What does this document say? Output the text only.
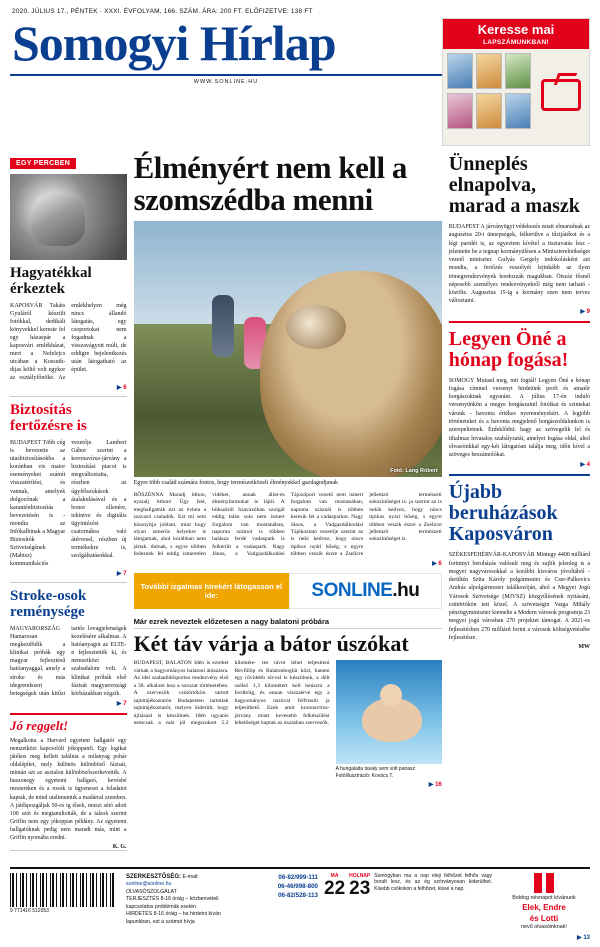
2020. JÚLIUS 17., PÉNTEK · XXXI. ÉVFOLYAM, 166. SZÁM. ÁRA: 200 FT. ELŐFIZETVE: 138 FT
Somogyi Hírlap
WWW.SONLINE.HU
Keresse mai
LAPSZÁMUNKBAN!
EGY PERCBEN
Hagyatékkal érkeztek
KAPOSVÁR Takáts Gyuláról készült fotókkal, dedikált könyvekkel kereste fel egy házaspár a kaposvári emlékházat, mert a Nefelejcs utcában a Kossuth-díjas költő volt egykor az osztályfőnöke. Az emlékhelyen még nincs állandó látogatás, egy csoportokat nem fogadnak a visszavágyott múlt, de eddigre bejelentkezés után látogatható az épület.
▶ 6
Biztosítás fertőzésre is
BUDAPEST Több cég is bevezette az utasbiztosításokba a koránban vis maior eseményeket számít visszatérítést, és vannak, amelyek dolgozónak a karanténbiztosítás bevezetésén is - mondta az Infókalbinak a Magyar Biztosítók Szövetségének (Mabisz) kommunikációs vezetője. Lambert Gábor szerint a koronavírus-járvány a biztosítási piacot is megváltoztatta, részben az úgyfélszokások átalakulásával és a bonor ellenére, tekintve és digitális ügyintézési csatornákra való átérvesel, részben új termékekre is, szolgáltatásokkal.
▶ 7
Stroke-osok reménysége
MAGYARORSZÁG Hamarosan megkezdődik a klinikai próbák egy magyar fejlesztésű hatóanyaggal, amely a stroke és más idegrendszeri betegségek után kitűzi tartós lovagjelenségek kezelésére alkalmas. A hatóanyagot az ELTE-n fejlesztették ki, és nemzetközi szabadalom volt. A klinikai próbák első fázisát magyarországi kórházakban végzik.
▶ 7
Jó reggelt!
Megalkotta a Harvard egyetem hallgatói egy nemzetközi kapcsolófi jókoppanfi. Egy logikai játékos meg kellett találnia a milanyag pohár oldalépítet, mely különös különböző fázisát, mintán azt az asztalon különbözőszerkevették. A huszonegy egyetemi hallgató, kevésbé mestereken és a rosok is ügyeneset a feladatot kaptak, de mind utaltmuntuk a madárral szemben. A játékpozgáljak 50-es ig élsek, muszi sétó adott 100 szót és megtanultották, de a talsok szerint Griffin nem egy jókoppan példány. Az egyetemi hallgatóknak pedig nem maradt más, mint a Griffin nyomába eredni.
K. G.
Élményért nem kell a szomszédba menni
Fotó: Lang Róbert
Egyre több család számára fontos, hogy természetközeli élményekkel gazdagodjanak
RÓSZÉNNA Maradj itthon, nyaralj itthon! Úgy fest, meghallgatták ezt az évben a szavazó csaladók. Ezt mi sem bizonyítja jobban, mint hogy olyan ismerős helyekre is látogatnak, ahol korábban nem jártak. dulnak, s egyre többen fedeznek fel eddig ismeretlen vidéket, annak állat-és élményfarmokat is lájtil. A bükszérül Szavazóban szolgál eddig talán sola nem ismert forgalom van mostanában, naponta számol is többen halásza ferdé vadaspark is felkerült a vadaspark. Nagy János, a Vadgazdálkodási Tájozóport vezető nem ismert forgalom van mostanában, naponta száznál is többen keresik fel a vadasparkot. Nagy János, a Vadgazdálkodási Tájékoztató vezetője szerint az is neki kedvez, hogy nincs tipikus nyári hőség, s egyre többen veszik észre a Zselicre jellemző természeti sokszínűséget is. ja szerint az is nekik kedvez, hogy nincs tipikus nyári hőség, s egyre többen veszik észre a Zselicre jellemző természeti sokszínűséget is.
▶ 6
További izgalmas hírekért látogasson el ide:	SONLINE.hu
Már ezrek neveztek előzetesen a nagy balatoni próbára
Két táv várja a bátor úszókat
BUDAPEST, BALATON Idén is ezreket várnak a hagyományos balatoni átúszásra. Az idei szabadidősportos rendezvény első a 38. alkalom lesz a sorozat történetében. A szervezők csütörtökön tartott sajtótájékoztatón Budapesten tartottak sajtótájékoztatót, melyen kiderült, hogy újításaal is készülnek. Idén ugyanis nemcsak a már jól megszokott 5,2 kilométe- res távot lehet teljesíteni Révfülöp és Balatonboglár közt, hanem egy rövidebb távval is készülnek, a délt szélső 1,3 kilométert kell beúszni a fordítóig, és onnan visszaérve egy a hagyományos úszóval felfrissíti ja teljesíthető. Ezek amit koronavírus-járvány miatt kevesebb felkészülési lehetőséget kaptak az úszásban szervezők.
A hungalaita tavaly sem volt panasz Fotóillusztráció: Kovács T.
▶ 16
Ünneplés elnapolva, marad a maszk
BUDAPEST A járványügyi védekezés miatt elmaradnak az augusztus 20-i ünnepségek, felkerülve a tűzijátékot és a légi paridét is, az egyeztem kívétel a tisztavatás lesz - jelentette be a tegnap kormányülésen a Miniszterelnökséget vezető miniszter. Gulyás Gergely indokolásként azt mondta, a fertőzés veszélyét lejinkább az ilyen tömegrendezvények hordozzák magukban. Ötszáz fősnél népesebb személyes rendezvényekről még nem tarható - közölte. Augusztus 15-ig a kormány ezen nem tervez változtatni.
▶ 9
Legyen Öné a hónap fogása!
SOMOGY Mutasd meg, mit fogtál! Legyen Öné a hónap fogása címmel versenyt hirdetünk profi és amatőr horgászoknak egyaránt. A július 17-én induló versenyünkön a megye horgászainil fotóikat és szintekat várunk - havonta értékes nyereményekért. A legjobb történeteket és a havonta megjelenő horgászoldalunkon is szerepeltetnek. Érdeklődni: hagy az szövegelik fel és tiltalmaz hivatalos szabályzatát, amelyet fogása oldal, ahol olvasóinkkal egy-két látogatóan találja meg, időn kível a szöveges beszámolókat.
▶ 4
Újabb beruházások Kaposváron
SZÉKESFEHÉRVÁR-KAPOSVÁR Mintegy 4400 milliárd forintnyi beruházás valósult meg és zajlik jelenleg is a megyei nagyvárosokkal a korábbi kisváros jóvoltából - derültén Szita Károly polgármester és Cser-Palkovics András alpolgármester találkozóján, ahol a Megyei Jogú Városok Szövetsége (MJVSZ) közgyűlésének nyitásáni, csütörtökön tett közel. A szövetségin Varga Mihály pénzügyminiszter kiemelte a Modern városok programja 23 megyei jogú városban 270 projektet támogat. A 2021-es fejlesztésben 270 milliárd forint a városok költségvetésébe fejlesztésre.
MW
9 771416 512053
SZERKESZTŐSÉG: E-mail: sonline@sonline.hu
OLVASÓSZOLGÁLAT
TERJESZTÉS 8-16 óráig – közbenvételi kapcsolatos problémák esetén
HIRDETÉS 8-16 óráig – ha hirdetni kíván lapunkban, ezt a számot hívja
06-82/999-111
06-46/998-800
06-82/528-113
MA
22
HOLNAP
23
Somogyban ma a nap eleji felhőzet felhős vagy borult lesz, és az ég szórványosan kiderülhet. Kisebb csókokon a felhőzet, kissé a nap.
Boldog névnapot kívánunk
Elek, Endre
és Lotti
nevű olvasóinknak!
▶ 13
